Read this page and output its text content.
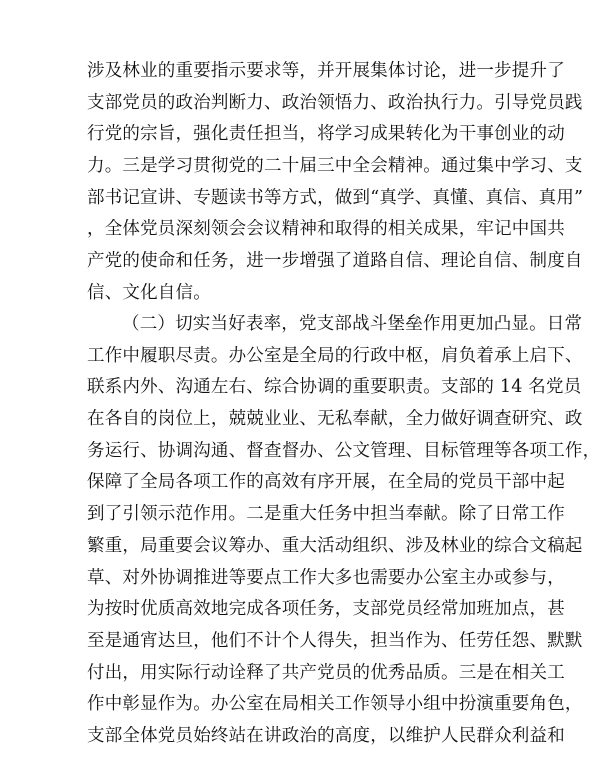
涉及林业的重要指示要求等，并开展集体讨论，进一步提升了
支部党员的政治判断力、政治领悟力、政治执行力。引导党员践
行党的宗旨，强化责任担当，将学习成果转化为干事创业的动
力。三是学习贯彻党的二十届三中全会精神。通过集中学习、支
部书记宣讲、专题读书等方式，做到“真学、真懂、真信、真用”
，全体党员深刻领会会议精神和取得的相关成果，牢记中国共
产党的使命和任务，进一步增强了道路自信、理论自信、制度自
信、文化自信。
（二）切实当好表率，党支部战斗堡垒作用更加凸显。日常
工作中履职尽责。办公室是全局的行政中枢，肩负着承上启下、
联系内外、沟通左右、综合协调的重要职责。支部的 14 名党员
在各自的岗位上，兢兢业业、无私奉献，全力做好调查研究、政
务运行、协调沟通、督查督办、公文管理、目标管理等各项工作，
保障了全局各项工作的高效有序开展，在全局的党员干部中起
到了引领示范作用。二是重大任务中担当奉献。除了日常工作
繁重，局重要会议筹办、重大活动组织、涉及林业的综合文稿起
草、对外协调推进等要点工作大多也需要办公室主办或参与，
为按时优质高效地完成各项任务，支部党员经常加班加点，甚
至是通宵达旦，他们不计个人得失，担当作为、任劳任怨、默默
付出，用实际行动诠释了共产党员的优秀品质。三是在相关工
作中彰显作为。办公室在局相关工作领导小组中扮演重要角色，
支部全体党员始终站在讲政治的高度，以维护人民群众利益和
